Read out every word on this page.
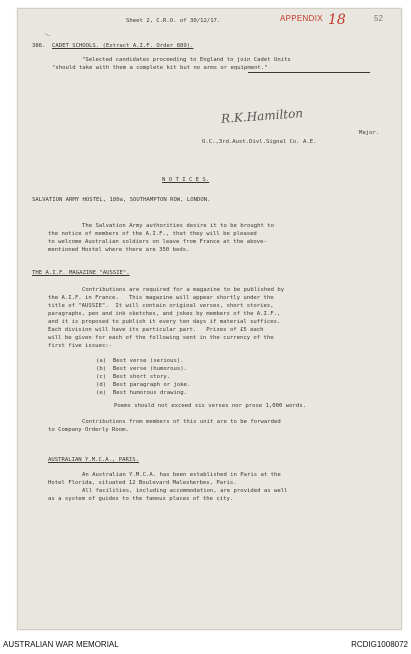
Sheet 2, C.R.O. of 30/12/17.	APPENDIX 18	52
⌇
386. CADET SCHOOLS. (Extract A.I.F. Order 889).
"Selected candidates proceeding to England to join Cadet Units
"should take with them a complete kit but no arms or equipment."
R.K.Hamilton
Major.
O.C.,3rd.Aust.Divl.Signal Co. A.E.
N O T I C E S.
SALVATION ARMY HOSTEL, 180a, SOUTHAMPTON ROW, LONDON.
The Salvation Army authorities desire it to be brought to
the notice of members of the A.I.F., that they will be pleased
to welcome Australian soldiers on leave from France at the above-
mentioned Hostel where there are 350 beds.
THE A.I.F. MAGAZINE "AUSSIE".
Contributions are required for a magazine to be published by
the A.I.F. in France.   This magazine will appear shortly under the
title of "AUSSIE".  It will contain original verses, short stories,
paragraphs, pen and ink sketches, and jokes by members of the A.I.F.,
and it is proposed to publish it every ten days if material suffices.
Each division will have its particular part.   Prizes of £5 each
will be given for each of the following sent in the currency of the
first five issues:-
(a)  Best verse (serious).
(b)  Best verse (humorous).
(c)  Best short story.
(d)  Best paragraph or joke.
(e)  Best humorous drawing.
Poems should not exceed six verses nor prose 1,000 words.
Contributions from members of this unit are to be forwarded
to Company Orderly Room.
AUSTRALIAN Y.M.C.A., PARIS.
An Australian Y.M.C.A. has been established in Paris at the
Hotel Florida, situated 12 Boulevard Malesherbes, Paris.
All facilities, including accommodation, are provided as well
as a system of guides to the famous places of the city.
AUSTRALIAN WAR MEMORIAL	RCDIG1008072
